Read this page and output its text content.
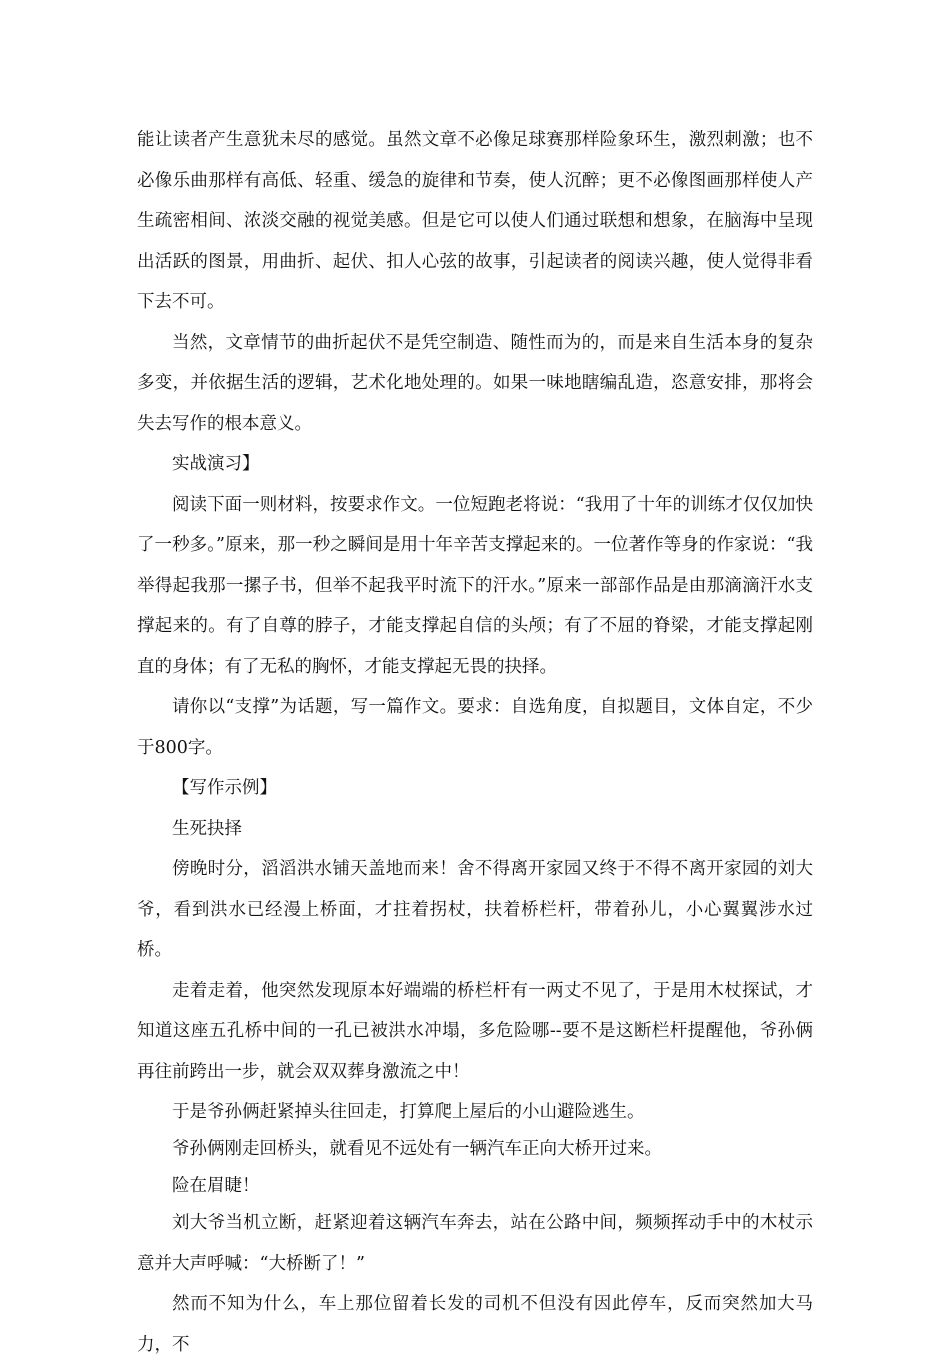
能让读者产生意犹未尽的感觉。虽然文章不必像足球赛那样险象环生，激烈刺激；也不必像乐曲那样有高低、轻重、缓急的旋律和节奏，使人沉醉；更不必像图画那样使人产生疏密相间、浓淡交融的视觉美感。但是它可以使人们通过联想和想象，在脑海中呈现出活跃的图景，用曲折、起伏、扣人心弦的故事，引起读者的阅读兴趣，使人觉得非看下去不可。

当然，文章情节的曲折起伏不是凭空制造、随性而为的，而是来自生活本身的复杂多变，并依据生活的逻辑，艺术化地处理的。如果一味地瞎编乱造，恣意安排，那将会失去写作的根本意义。

实战演习】

阅读下面一则材料，按要求作文。一位短跑老将说：“我用了十年的训练才仅仅加快了一秒多。”原来，那一秒之瞬间是用十年辛苦支撑起来的。一位著作等身的作家说：“我举得起我那一摞子书，但举不起我平时流下的汗水。”原来一部部作品是由那滴滴汗水支撑起来的。有了自尊的脖子，才能支撑起自信的头颅；有了不屈的脊梁，才能支撑起刚直的身体；有了无私的胸怀，才能支撑起无畏的抉择。

请你以“支撑”为话题，写一篇作文。要求：自选角度，自拟题目，文体自定，不少于800字。

【写作示例】

生死抉择

傍晚时分，滔滔洪水铺天盖地而来！舍不得离开家园又终于不得不离开家园的刘大爷，看到洪水已经漫上桥面，才拄着拐杖，扶着桥栏杆，带着孙儿，小心翼翼涉水过桥。

走着走着，他突然发现原本好端端的桥栏杆有一两丈不见了，于是用木杖探试，才知道这座五孔桥中间的一孔已被洪水冲塌，多危险哪--要不是这断栏杆提醒他，爷孙俩再往前跨出一步，就会双双葬身激流之中！

于是爷孙俩赶紧掉头往回走，打算爬上屋后的小山避险逃生。

爷孙俩刚走回桥头，就看见不远处有一辆汽车正向大桥开过来。

险在眉睫！

刘大爷当机立断，赶紧迎着这辆汽车奔去，站在公路中间，频频挥动手中的木杖示意并大声呼喊：“大桥断了！”

然而不知为什么，车上那位留着长发的司机不但没有因此停车，反而突然加大马力，不
